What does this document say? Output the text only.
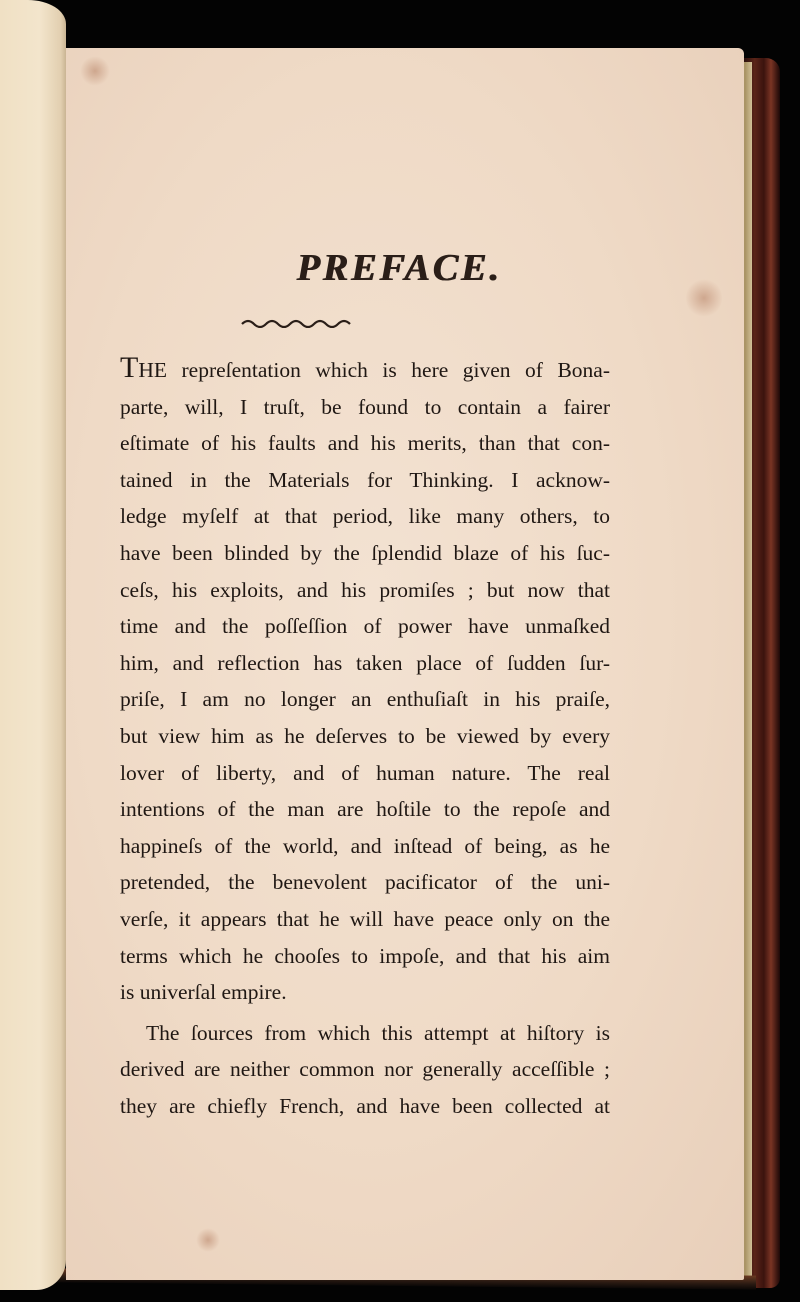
PREFACE.
THE repreſentation which is here given of Bona-
parte, will, I truſt, be found to contain a fairer
eſtimate of his faults and his merits, than that con-
tained in the Materials for Thinking. I acknow-
ledge myſelf at that period, like many others, to
have been blinded by the ſplendid blaze of his ſuc-
ceſs, his exploits, and his promiſes ; but now that
time and the poſſeſſion of power have unmaſked
him, and reflection has taken place of ſudden ſur-
priſe, I am no longer an enthuſiaſt in his praiſe,
but view him as he deſerves to be viewed by every
lover of liberty, and of human nature. The real
intentions of the man are hoſtile to the repoſe and
happineſs of the world, and inſtead of being, as he
pretended, the benevolent pacificator of the uni-
verſe, it appears that he will have peace only on the
terms which he chooſes to impoſe, and that his aim
is univerſal empire.
The ſources from which this attempt at hiſtory is
derived are neither common nor generally acceſſible ;
they are chiefly French, and have been collected at
